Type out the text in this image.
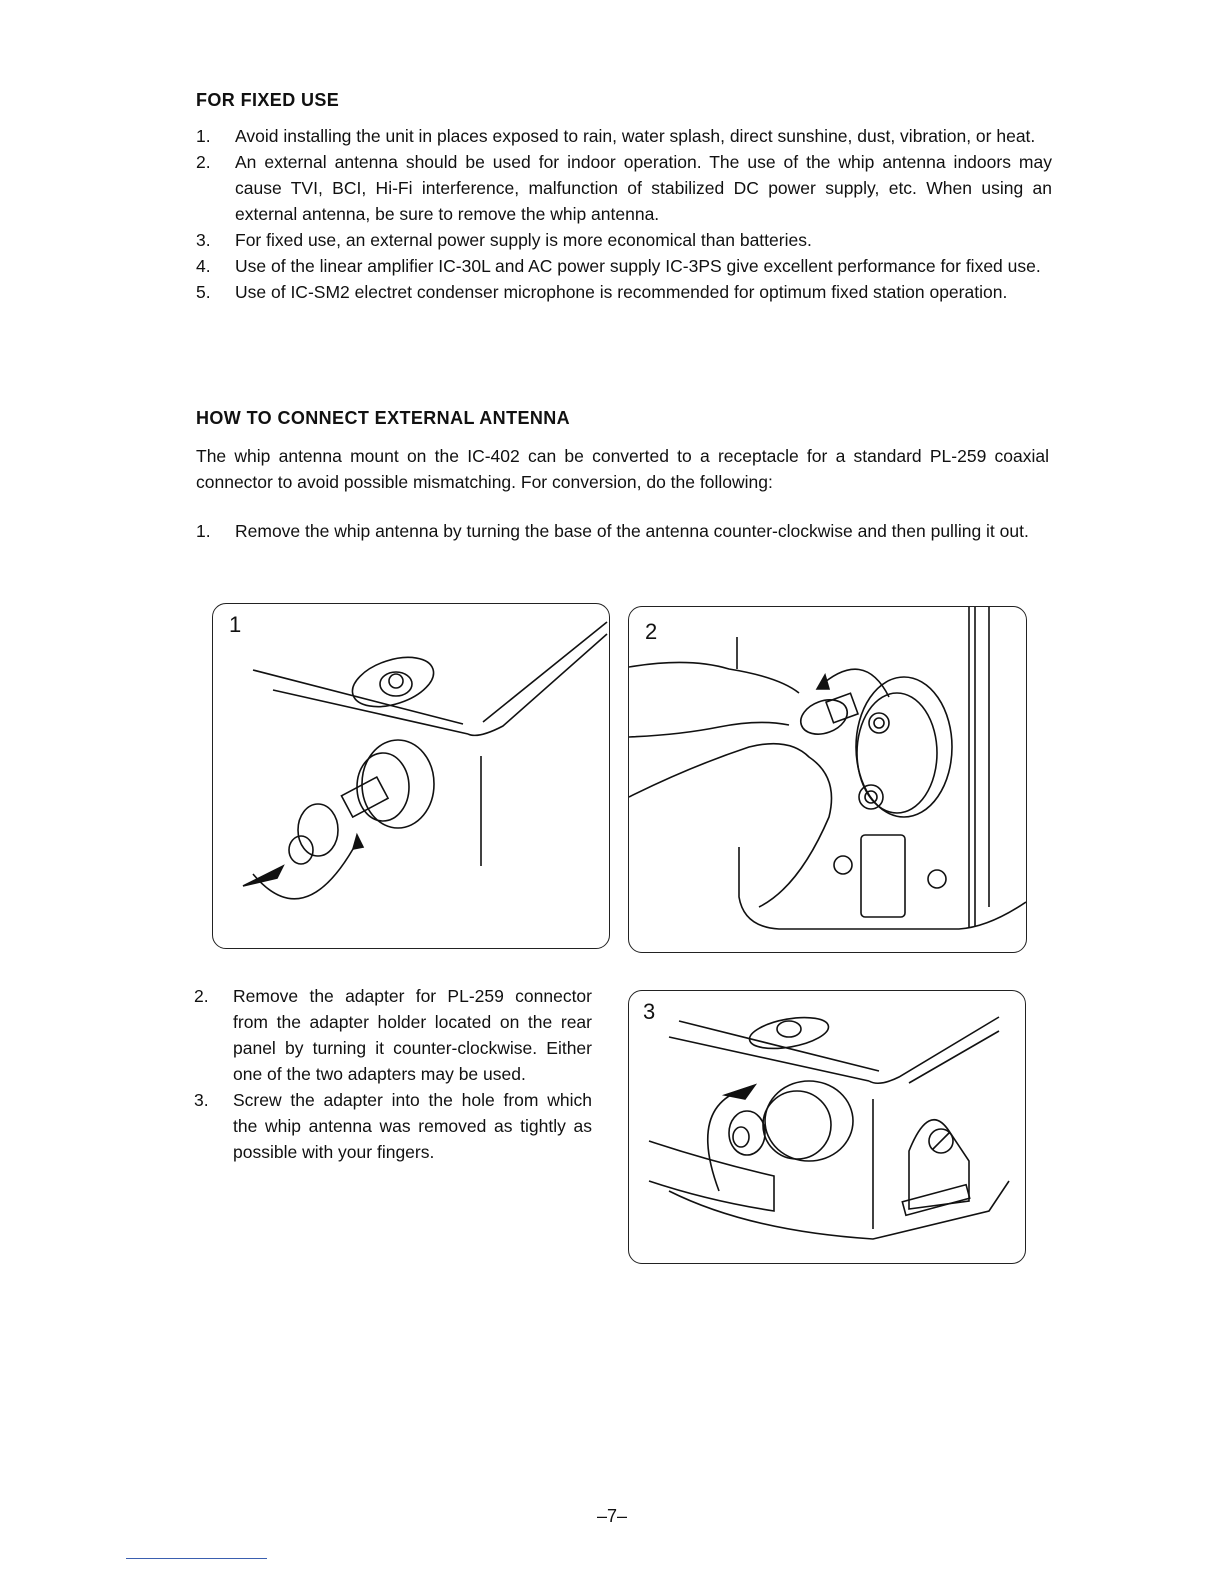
FOR FIXED USE
1. Avoid installing the unit in places exposed to rain, water splash, direct sunshine, dust, vibration, or heat.
2. An external antenna should be used for indoor operation. The use of the whip antenna indoors may cause TVI, BCI, Hi-Fi interference, malfunction of stabilized DC power supply, etc. When using an external antenna, be sure to remove the whip antenna.
3. For fixed use, an external power supply is more economical than batteries.
4. Use of the linear amplifier IC-30L and AC power supply IC-3PS give excellent performance for fixed use.
5. Use of IC-SM2 electret condenser microphone is recommended for optimum fixed station operation.
HOW TO CONNECT EXTERNAL ANTENNA

The whip antenna mount on the IC-402 can be converted to a receptacle for a standard PL-259 coaxial connector to avoid possible mismatching. For conversion, do the following:

1. Remove the whip antenna by turning the base of the antenna counter-clockwise and then pulling it out.
1	2
2. Remove the adapter for PL-259 connector from the adapter holder located on the rear panel by turning it counter-clockwise. Either one of the two adapters may be used.
3. Screw the adapter into the hole from which the whip antenna was removed as tightly as possible with your fingers.
3
–7–
